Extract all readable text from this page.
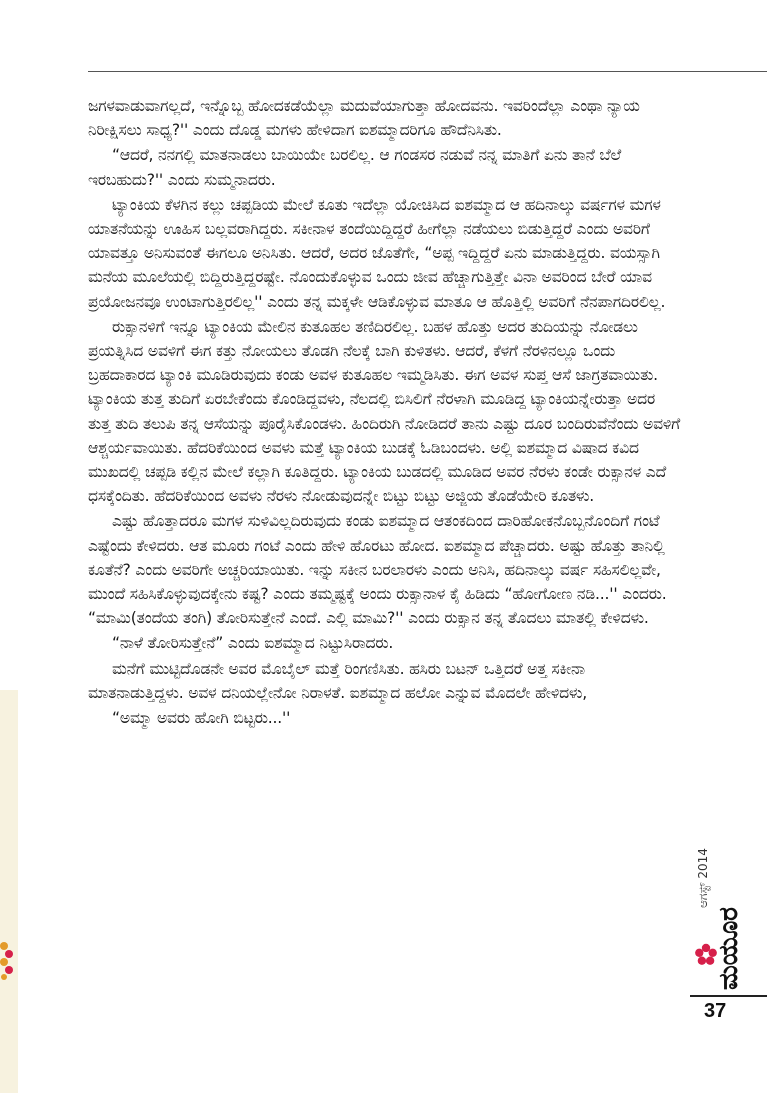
ಜಗಳವಾಡುವಾಗಲ್ಲದೆ, ಇನ್ನೊಬ್ಬ ಹೋದಕಡೆಯೆಲ್ಲಾ ಮದುವೆಯಾಗುತ್ತಾ ಹೋದವನು. ಇವರಿಂದೆಲ್ಲಾ ಎಂಥಾ ನ್ಯಾಯ ನಿರೀಕ್ಷಿಸಲು ಸಾಧ್ಯ?'' ಎಂದು ದೊಡ್ಡ ಮಗಳು ಹೇಳಿದಾಗ ಐಶಮ್ಮಾದರಿಗೂ ಹೌದೆನಿಸಿತು.

“ಆದರೆ, ನನಗಲ್ಲಿ ಮಾತನಾಡಲು ಬಾಯಿಯೇ ಬರಲಿಲ್ಲ. ಆ ಗಂಡಸರ ನಡುವೆ ನನ್ನ ಮಾತಿಗೆ ಏನು ತಾನೆ ಬೆಲೆ ಇರಬಹುದು?'' ಎಂದು ಸುಮ್ಮನಾದರು.

ಟ್ಯಾಂಕಿಯ ಕೆಳಗಿನ ಕಲ್ಲು ಚಪ್ಪಡಿಯ ಮೇಲೆ ಕೂತು ಇದೆಲ್ಲಾ ಯೋಚಿಸಿದ ಐಶಮ್ಮಾದ ಆ ಹದಿನಾಲ್ಕು ವರ್ಷಗಳ ಮಗಳ ಯಾತನೆಯನ್ನು ಊಹಿಸ ಬಲ್ಲವರಾಗಿದ್ದರು. ಸಕೀನಾಳ ತಂದೆಯಿದ್ದಿದ್ದರೆ ಹೀಗೆಲ್ಲಾ ನಡೆಯಲು ಬಿಡುತ್ತಿದ್ದರೆ ಎಂದು ಅವರಿಗೆ ಯಾವತ್ತೂ ಅನಿಸುವಂತೆ ಈಗಲೂ ಅನಿಸಿತು. ಆದರೆ, ಅದರ ಜೊತೆಗೇ, “ಅಪ್ಪ ಇದ್ದಿದ್ದರೆ ಏನು ಮಾಡುತ್ತಿದ್ದರು. ವಯಸ್ಸಾಗಿ ಮನೆಯ ಮೂಲೆಯಲ್ಲಿ ಬಿದ್ದಿರುತ್ತಿದ್ದರಷ್ಟೇ. ನೊಂದುಕೊಳ್ಳುವ ಒಂದು ಜೀವ ಹೆಚ್ಚಾಗುತ್ತಿತ್ತೇ ವಿನಾ ಅವರಿಂದ ಬೇರೆ ಯಾವ ಪ್ರಯೋಜನವೂ ಉಂಟಾಗುತ್ತಿರಲಿಲ್ಲ'' ಎಂದು ತನ್ನ ಮಕ್ಕಳೇ ಆಡಿಕೊಳ್ಳುವ ಮಾತೂ ಆ ಹೊತ್ತಿಲ್ಲಿ ಅವರಿಗೆ ನೆನಪಾಗದಿರಲಿಲ್ಲ.

ರುಕ್ಸಾನಳಿಗೆ ಇನ್ನೂ ಟ್ಯಾಂಕಿಯ ಮೇಲಿನ ಕುತೂಹಲ ತಣಿದಿರಲಿಲ್ಲ. ಬಹಳ ಹೊತ್ತು ಅದರ ತುದಿಯನ್ನು ನೋಡಲು ಪ್ರಯತ್ನಿಸಿದ ಅವಳಿಗೆ ಈಗ ಕತ್ತು ನೋಯಲು ತೊಡಗಿ ನೆಲಕ್ಕೆ ಬಾಗಿ ಕುಳಿತಳು. ಆದರೆ, ಕೆಳಗೆ ನೆರಳಿನಲ್ಲೂ ಒಂದು ಬ್ರಹದಾಕಾರದ ಟ್ಯಾಂಕಿ ಮೂಡಿರುವುದು ಕಂಡು ಅವಳ ಕುತೂಹಲ ಇಮ್ಮಡಿಸಿತು. ಈಗ ಅವಳ ಸುಪ್ತ ಆಸೆ ಜಾಗ್ರತವಾಯಿತು. ಟ್ಯಾಂಕಿಯ ತುತ್ತ ತುದಿಗೆ ಏರಬೇಕೆಂದು ಕೊಂಡಿದ್ದವಳು, ನೆಲದಲ್ಲಿ ಬಿಸಿಲಿಗೆ ನೆರಳಾಗಿ ಮೂಡಿದ್ದ ಟ್ಯಾಂಕಿಯನ್ನೇರುತ್ತಾ ಅದರ ತುತ್ತ ತುದಿ ತಲುಪಿ ತನ್ನ ಆಸೆಯನ್ನು ಪೂರೈಸಿಕೊಂಡಳು. ಹಿಂದಿರುಗಿ ನೋಡಿದರೆ ತಾನು ಎಷ್ಟು ದೂರ ಬಂದಿರುವೆನೆಂದು ಅವಳಿಗೆ ಆಶ್ಚರ್ಯವಾಯಿತು. ಹೆದರಿಕೆಯಿಂದ ಅವಳು ಮತ್ತೆ ಟ್ಯಾಂಕಿಯ ಬುಡಕ್ಕೆ ಓಡಿಬಂದಳು. ಅಲ್ಲಿ ಐಶಮ್ಮಾದ ವಿಷಾದ ಕವಿದ ಮುಖದಲ್ಲಿ ಚಪ್ಪಡಿ ಕಲ್ಲಿನ ಮೇಲೆ ಕಲ್ಲಾಗಿ ಕೂತಿದ್ದರು. ಟ್ಯಾಂಕಿಯ ಬುಡದಲ್ಲಿ ಮೂಡಿದ ಅವರ ನೆರಳು ಕಂಡೇ ರುಕ್ಸಾನಳ ಎದೆ ಧಸಕ್ಕೆಂದಿತು. ಹೆದರಿಕೆಯಿಂದ ಅವಳು ನೆರಳು ನೋಡುವುದನ್ನೇ ಬಿಟ್ಟು ಬಿಟ್ಟು ಅಜ್ಜಿಯ ತೊಡೆಯೇರಿ ಕೂತಳು.

ಎಷ್ಟು ಹೊತ್ತಾದರೂ ಮಗಳ ಸುಳಿವಿಲ್ಲದಿರುವುದು ಕಂಡು ಐಶಮ್ಮಾದ ಆತಂಕದಿಂದ ದಾರಿಹೋಕನೊಬ್ಬನೊಂದಿಗೆ ಗಂಟೆ ಎಷ್ಟೆಂದು ಕೇಳಿದರು. ಆತ ಮೂರು ಗಂಟೆ ಎಂದು ಹೇಳಿ ಹೊರಟು ಹೋದ. ಐಶಮ್ಮಾದ ಪೆಚ್ಚಾದರು. ಅಷ್ಟು ಹೊತ್ತು ತಾನಿಲ್ಲಿ ಕೂತೆನೆ? ಎಂದು ಅವರಿಗೇ ಅಚ್ಚರಿಯಾಯಿತು. ಇನ್ನು ಸಕೀನ ಬರಲಾರಳು ಎಂದು ಅನಿಸಿ, ಹದಿನಾಲ್ಕು ವರ್ಷ ಸಹಿಸಲಿಲ್ಲವೇ, ಮುಂದೆ ಸಹಿಸಿಕೊಳ್ಳುವುದಕ್ಕೇನು ಕಷ್ಟ? ಎಂದು ತಮ್ಮಷ್ಟಕ್ಕೆ ಅಂದು ರುಕ್ಸಾನಾಳ ಕೈ ಹಿಡಿದು “ಹೋಗೋಣ ನಡಿ...'' ಎಂದರು. “ಮಾಮಿ(ತಂದೆಯ ತಂಗಿ) ತೋರಿಸುತ್ತೇನೆ ಎಂದೆ. ಎಲ್ಲಿ ಮಾಮಿ?'' ಎಂದು ರುಕ್ಸಾನ ತನ್ನ ತೊದಲು ಮಾತಲ್ಲಿ ಕೇಳಿದಳು.

“ನಾಳೆ ತೋರಿಸುತ್ತೇನೆ” ಎಂದು ಐಶಮ್ಮಾದ ನಿಟ್ಟುಸಿರಾದರು.

ಮನೆಗೆ ಮುಟ್ಟಿದೊಡನೇ ಅವರ ಮೊಬೈಲ್ ಮತ್ತೆ ರಿಂಗಣಿಸಿತು. ಹಸಿರು ಬಟನ್ ಒತ್ತಿದರೆ ಅತ್ತ ಸಕೀನಾ ಮಾತನಾಡುತ್ತಿದ್ದಳು. ಅವಳ ದನಿಯಲ್ಲೇನೋ ನಿರಾಳತೆ. ಐಶಮ್ಮಾದ ಹಲೋ ಎನ್ನುವ ಮೊದಲೇ ಹೇಳಿದಳು,

“ಅಮ್ಮಾ ಅವರು ಹೋಗಿ ಬಿಟ್ಟರು...''

ಆಗಸ್ಟ್ 2014
ಮಯೂರ
37
